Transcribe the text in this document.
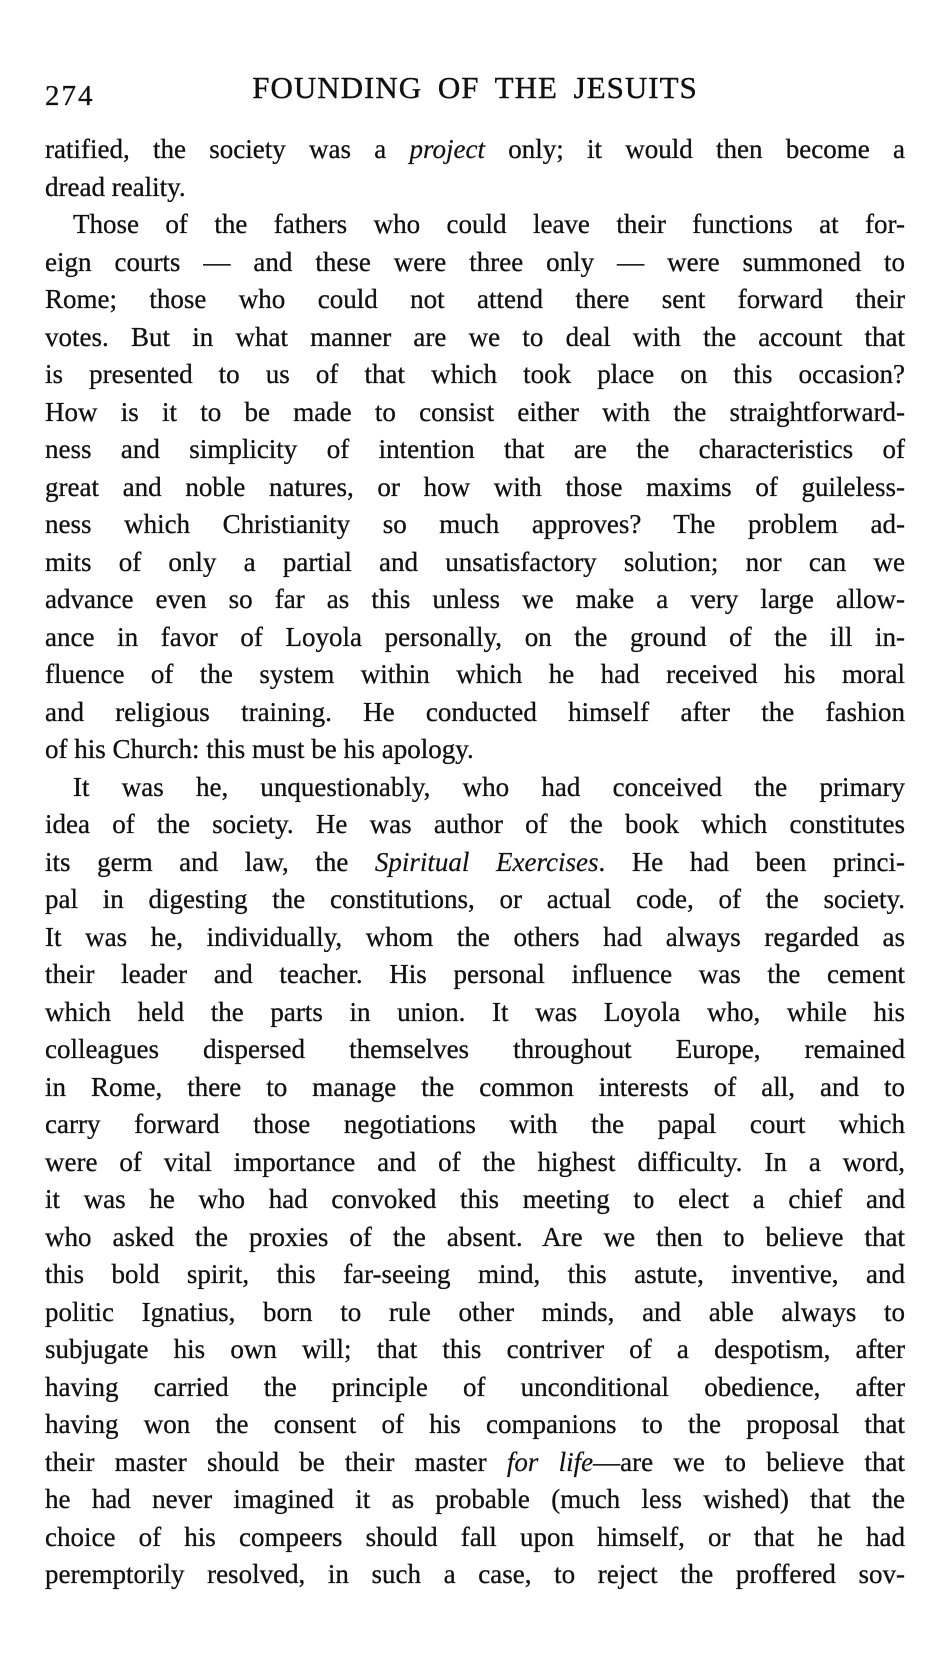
274	FOUNDING OF THE JESUITS
ratified, the society was a project only; it would then become a
dread reality.
Those of the fathers who could leave their functions at for-
eign courts — and these were three only — were summoned to
Rome; those who could not attend there sent forward their
votes. But in what manner are we to deal with the account that
is presented to us of that which took place on this occasion?
How is it to be made to consist either with the straightforward-
ness and simplicity of intention that are the characteristics of
great and noble natures, or how with those maxims of guileless-
ness which Christianity so much approves? The problem ad-
mits of only a partial and unsatisfactory solution; nor can we
advance even so far as this unless we make a very large allow-
ance in favor of Loyola personally, on the ground of the ill in-
fluence of the system within which he had received his moral
and religious training. He conducted himself after the fashion
of his Church: this must be his apology.
It was he, unquestionably, who had conceived the primary
idea of the society. He was author of the book which constitutes
its germ and law, the Spiritual Exercises. He had been princi-
pal in digesting the constitutions, or actual code, of the society.
It was he, individually, whom the others had always regarded as
their leader and teacher. His personal influence was the cement
which held the parts in union. It was Loyola who, while his
colleagues dispersed themselves throughout Europe, remained
in Rome, there to manage the common interests of all, and to
carry forward those negotiations with the papal court which
were of vital importance and of the highest difficulty. In a word,
it was he who had convoked this meeting to elect a chief and
who asked the proxies of the absent. Are we then to believe that
this bold spirit, this far-seeing mind, this astute, inventive, and
politic Ignatius, born to rule other minds, and able always to
subjugate his own will; that this contriver of a despotism, after
having carried the principle of unconditional obedience, after
having won the consent of his companions to the proposal that
their master should be their master for life—are we to believe that
he had never imagined it as probable (much less wished) that the
choice of his compeers should fall upon himself, or that he had
peremptorily resolved, in such a case, to reject the proffered sov-
